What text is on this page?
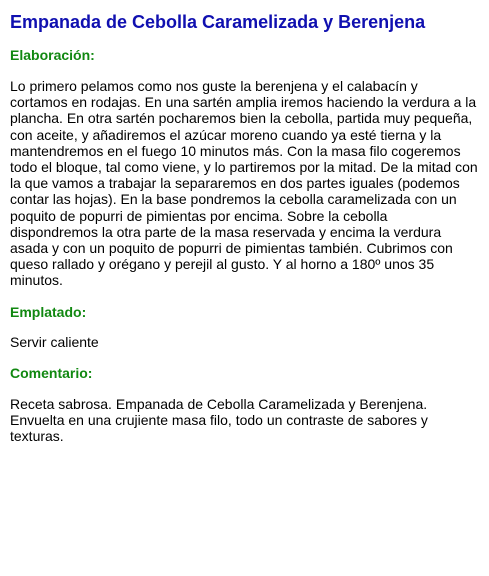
Empanada de Cebolla Caramelizada y Berenjena
Elaboración:

Lo primero pelamos como nos guste la berenjena y el calabacín y cortamos en rodajas. En una sartén amplia iremos haciendo la verdura a la plancha. En otra sartén pocharemos bien la cebolla, partida muy pequeña, con aceite, y añadiremos el azúcar moreno cuando ya esté tierna y la mantendremos en el fuego 10 minutos más. Con la masa filo cogeremos todo el bloque, tal como viene, y lo partiremos por la mitad. De la mitad con la que vamos a trabajar la separaremos en dos partes iguales (podemos contar las hojas). En la base pondremos la cebolla caramelizada con un poquito de popurri de pimientas por encima. Sobre la cebolla dispondremos la otra parte de la masa reservada y encima la verdura asada y con un poquito de popurri de pimientas también. Cubrimos con queso rallado y orégano y perejil al gusto. Y al horno a 180º unos 35 minutos.

Emplatado:

Servir caliente

Comentario:

Receta sabrosa. Empanada de Cebolla Caramelizada y Berenjena. Envuelta en una crujiente masa filo, todo un contraste de sabores y texturas.
